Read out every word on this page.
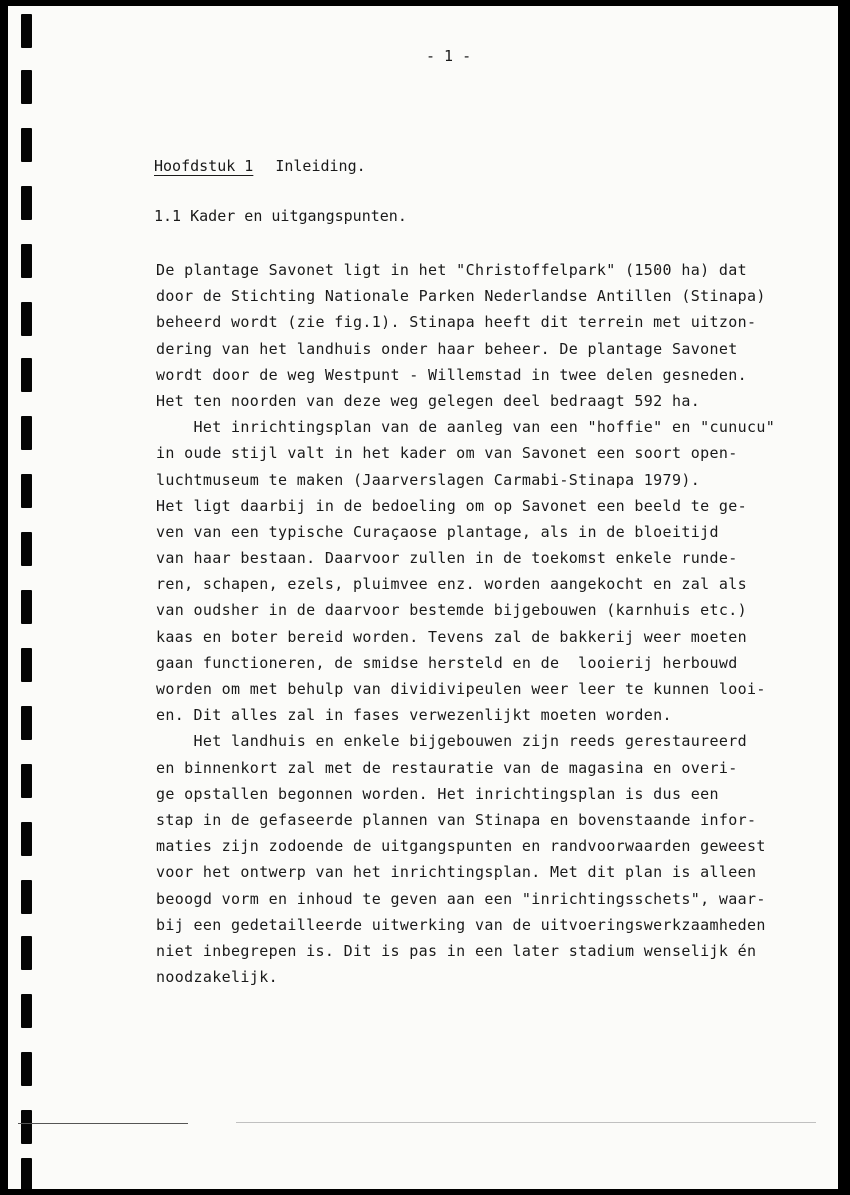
- 1 -
Hoofdstuk 1 Inleiding.
1.1 Kader en uitgangspunten.
De plantage Savonet ligt in het "Christoffelpark" (1500 ha) dat
door de Stichting Nationale Parken Nederlandse Antillen (Stinapa)
beheerd wordt (zie fig.1). Stinapa heeft dit terrein met uitzon-
dering van het landhuis onder haar beheer. De plantage Savonet
wordt door de weg Westpunt - Willemstad in twee delen gesneden.
Het ten noorden van deze weg gelegen deel bedraagt 592 ha.
Het inrichtingsplan van de aanleg van een "hoffie" en "cunucu"
in oude stijl valt in het kader om van Savonet een soort open-
luchtmuseum te maken (Jaarverslagen Carmabi-Stinapa 1979).
Het ligt daarbij in de bedoeling om op Savonet een beeld te ge-
ven van een typische Curaçaose plantage, als in de bloeitijd
van haar bestaan. Daarvoor zullen in de toekomst enkele runde-
ren, schapen, ezels, pluimvee enz. worden aangekocht en zal als
van oudsher in de daarvoor bestemde bijgebouwen (karnhuis etc.)
kaas en boter bereid worden. Tevens zal de bakkerij weer moeten
gaan functioneren, de smidse hersteld en de  looierij herbouwd
worden om met behulp van dividivipeulen weer leer te kunnen looi-
en. Dit alles zal in fases verwezenlijkt moeten worden.
Het landhuis en enkele bijgebouwen zijn reeds gerestaureerd
en binnenkort zal met de restauratie van de magasina en overi-
ge opstallen begonnen worden. Het inrichtingsplan is dus een
stap in de gefaseerde plannen van Stinapa en bovenstaande infor-
maties zijn zodoende de uitgangspunten en randvoorwaarden geweest
voor het ontwerp van het inrichtingsplan. Met dit plan is alleen
beoogd vorm en inhoud te geven aan een "inrichtingsschets", waar-
bij een gedetailleerde uitwerking van de uitvoeringswerkzaamheden
niet inbegrepen is. Dit is pas in een later stadium wenselijk én
noodzakelijk.
